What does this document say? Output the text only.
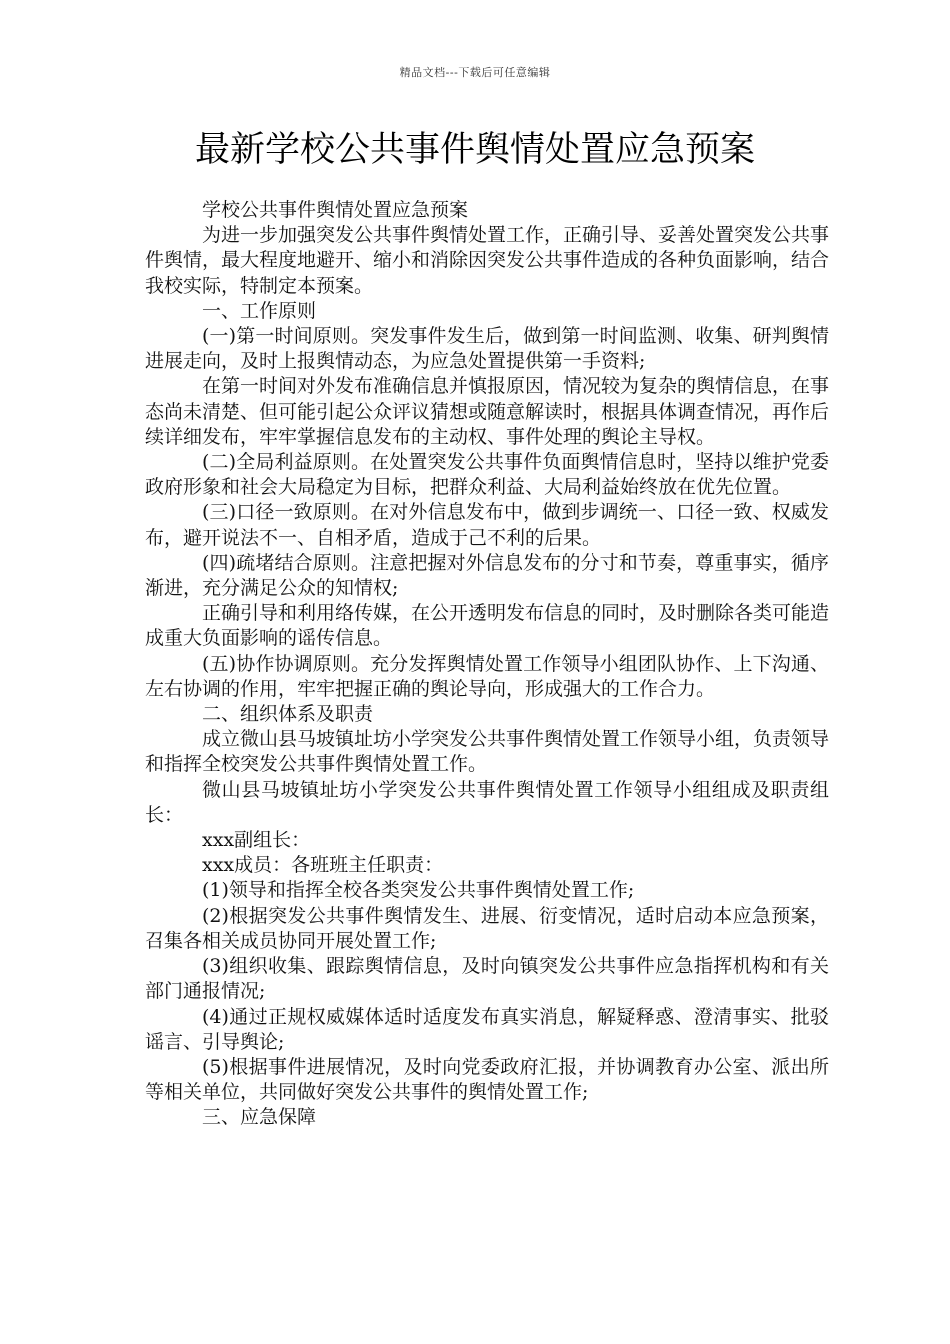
精品文档---下载后可任意编辑
最新学校公共事件舆情处置应急预案

学校公共事件舆情处置应急预案

为进一步加强突发公共事件舆情处置工作，正确引导、妥善处置突发公共事件舆情，最大程度地避开、缩小和消除因突发公共事件造成的各种负面影响，结合我校实际，特制定本预案。

一、工作原则

(一)第一时间原则。突发事件发生后，做到第一时间监测、收集、研判舆情进展走向，及时上报舆情动态，为应急处置提供第一手资料;

在第一时间对外发布准确信息并慎报原因，情况较为复杂的舆情信息，在事态尚未清楚、但可能引起公众评议猜想或随意解读时，根据具体调查情况，再作后续详细发布，牢牢掌握信息发布的主动权、事件处理的舆论主导权。

(二)全局利益原则。在处置突发公共事件负面舆情信息时，坚持以维护党委政府形象和社会大局稳定为目标，把群众利益、大局利益始终放在优先位置。

(三)口径一致原则。在对外信息发布中，做到步调统一、口径一致、权威发布，避开说法不一、自相矛盾，造成于己不利的后果。

(四)疏堵结合原则。注意把握对外信息发布的分寸和节奏，尊重事实，循序渐进，充分满足公众的知情权;

正确引导和利用络传媒，在公开透明发布信息的同时，及时删除各类可能造成重大负面影响的谣传信息。

(五)协作协调原则。充分发挥舆情处置工作领导小组团队协作、上下沟通、左右协调的作用，牢牢把握正确的舆论导向，形成强大的工作合力。

二、组织体系及职责

成立微山县马坡镇址坊小学突发公共事件舆情处置工作领导小组，负责领导和指挥全校突发公共事件舆情处置工作。

微山县马坡镇址坊小学突发公共事件舆情处置工作领导小组组成及职责组长：

xxx副组长：

xxx成员：各班班主任职责：

(1)领导和指挥全校各类突发公共事件舆情处置工作;

(2)根据突发公共事件舆情发生、进展、衍变情况，适时启动本应急预案，召集各相关成员协同开展处置工作;

(3)组织收集、跟踪舆情信息，及时向镇突发公共事件应急指挥机构和有关部门通报情况;

(4)通过正规权威媒体适时适度发布真实消息，解疑释惑、澄清事实、批驳谣言、引导舆论;

(5)根据事件进展情况，及时向党委政府汇报，并协调教育办公室、派出所等相关单位，共同做好突发公共事件的舆情处置工作;

三、应急保障
